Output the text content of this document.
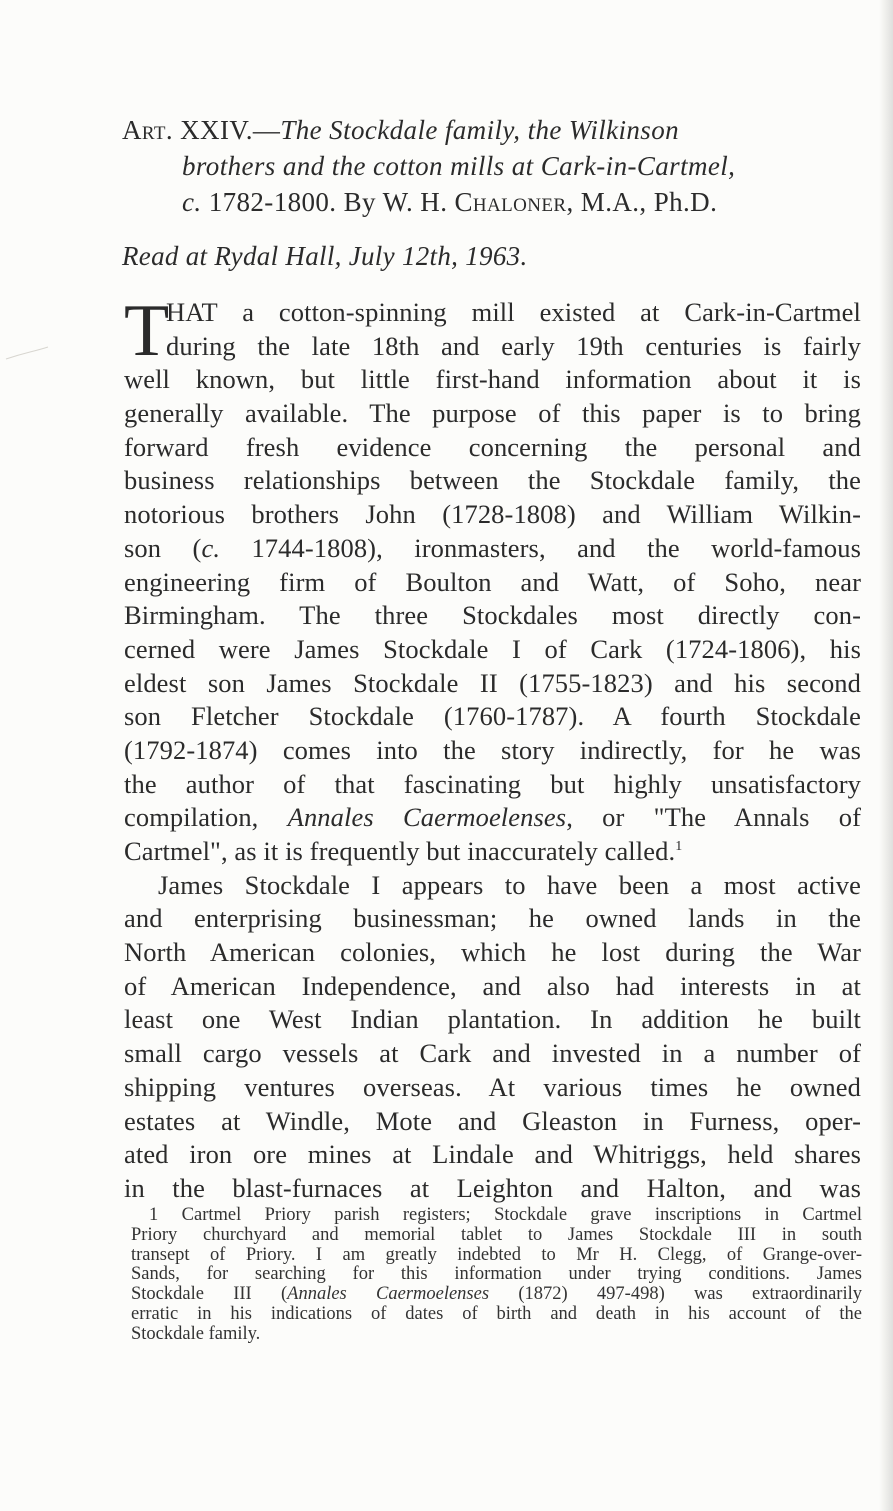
Art. XXIV.—The Stockdale family, the Wilkinson
brothers and the cotton mills at Cark-in-Cartmel,
c. 1782-1800. By W. H. Chaloner, M.A., Ph.D.
Read at Rydal Hall, July 12th, 1963.
T
HAT a cotton-spinning mill existed at Cark-in-Cartmel
during the late 18th and early 19th centuries is fairly
well known, but little first-hand information about it is
generally available. The purpose of this paper is to bring
forward fresh evidence concerning the personal and
business relationships between the Stockdale family, the
notorious brothers John (1728-1808) and William Wilkin-
son (c. 1744-1808), ironmasters, and the world-famous
engineering firm of Boulton and Watt, of Soho, near
Birmingham. The three Stockdales most directly con-
cerned were James Stockdale I of Cark (1724-1806), his
eldest son James Stockdale II (1755-1823) and his second
son Fletcher Stockdale (1760-1787). A fourth Stockdale
(1792-1874) comes into the story indirectly, for he was
the author of that fascinating but highly unsatisfactory
compilation, Annales Caermoelenses, or "The Annals of
Cartmel", as it is frequently but inaccurately called.$^1$
James Stockdale I appears to have been a most active
and enterprising businessman; he owned lands in the
North American colonies, which he lost during the War
of American Independence, and also had interests in at
least one West Indian plantation. In addition he built
small cargo vessels at Cark and invested in a number of
shipping ventures overseas. At various times he owned
estates at Windle, Mote and Gleaston in Furness, oper-
ated iron ore mines at Lindale and Whitriggs, held shares
in the blast-furnaces at Leighton and Halton, and was
1 Cartmel Priory parish registers; Stockdale grave inscriptions in Cartmel
Priory churchyard and memorial tablet to James Stockdale III in south
transept of Priory. I am greatly indebted to Mr H. Clegg, of Grange-over-
Sands, for searching for this information under trying conditions. James
Stockdale III (Annales Caermoelenses (1872) 497-498) was extraordinarily
erratic in his indications of dates of birth and death in his account of the
Stockdale family.
